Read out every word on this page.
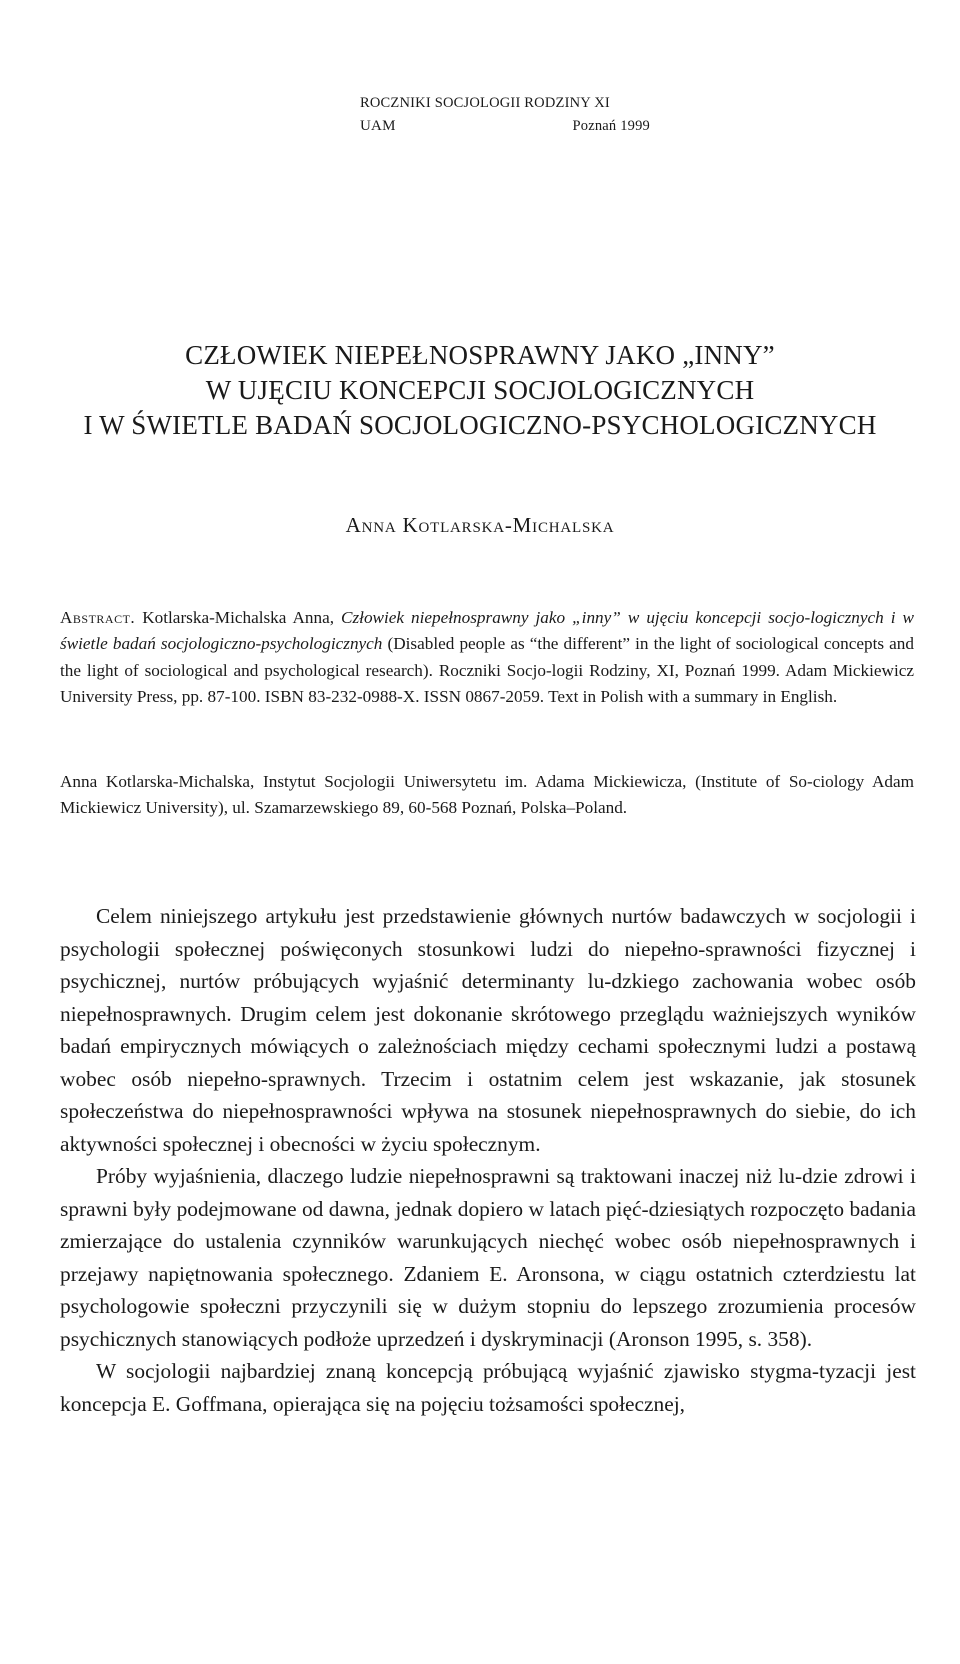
ROCZNIKI SOCJOLOGII RODZINY XI
UAM	Poznań 1999
CZŁOWIEK NIEPEŁNOSPRAWNY JAKO „INNY”
W UJĘCIU KONCEPCJI SOCJOLOGICZNYCH
I W ŚWIETLE BADAŃ SOCJOLOGICZNO-PSYCHOLOGICZNYCH
Anna Kotlarska-Michalska

Abstract. Kotlarska-Michalska Anna, Człowiek niepełnosprawny jako „inny” w ujęciu koncepcji socjo-logicznych i w świetle badań socjologiczno-psychologicznych (Disabled people as “the different” in the light of sociological concepts and the light of sociological and psychological research). Roczniki Socjo-logii Rodziny, XI, Poznań 1999. Adam Mickiewicz University Press, pp. 87-100. ISBN 83-232-0988-X. ISSN 0867-2059. Text in Polish with a summary in English.

Anna Kotlarska-Michalska, Instytut Socjologii Uniwersytetu im. Adama Mickiewicza, (Institute of So-ciology Adam Mickiewicz University), ul. Szamarzewskiego 89, 60-568 Poznań, Polska–Poland.

Celem niniejszego artykułu jest przedstawienie głównych nurtów badawczych w socjologii i psychologii społecznej poświęconych stosunkowi ludzi do niepełno-sprawności fizycznej i psychicznej, nurtów próbujących wyjaśnić determinanty lu-dzkiego zachowania wobec osób niepełnosprawnych. Drugim celem jest dokonanie skrótowego przeglądu ważniejszych wyników badań empirycznych mówiących o zależnościach między cechami społecznymi ludzi a postawą wobec osób niepełno-sprawnych. Trzecim i ostatnim celem jest wskazanie, jak stosunek społeczeństwa do niepełnosprawności wpływa na stosunek niepełnosprawnych do siebie, do ich aktywności społecznej i obecności w życiu społecznym.

Próby wyjaśnienia, dlaczego ludzie niepełnosprawni są traktowani inaczej niż lu-dzie zdrowi i sprawni były podejmowane od dawna, jednak dopiero w latach pięć-dziesiątych rozpoczęto badania zmierzające do ustalenia czynników warunkujących niechęć wobec osób niepełnosprawnych i przejawy napiętnowania społecznego. Zdaniem E. Aronsona, w ciągu ostatnich czterdziestu lat psychologowie społeczni przyczynili się w dużym stopniu do lepszego zrozumienia procesów psychicznych stanowiących podłoże uprzedzeń i dyskryminacji (Aronson 1995, s. 358).

W socjologii najbardziej znaną koncepcją próbującą wyjaśnić zjawisko stygma-tyzacji jest koncepcja E. Goffmana, opierająca się na pojęciu tożsamości społecznej,
